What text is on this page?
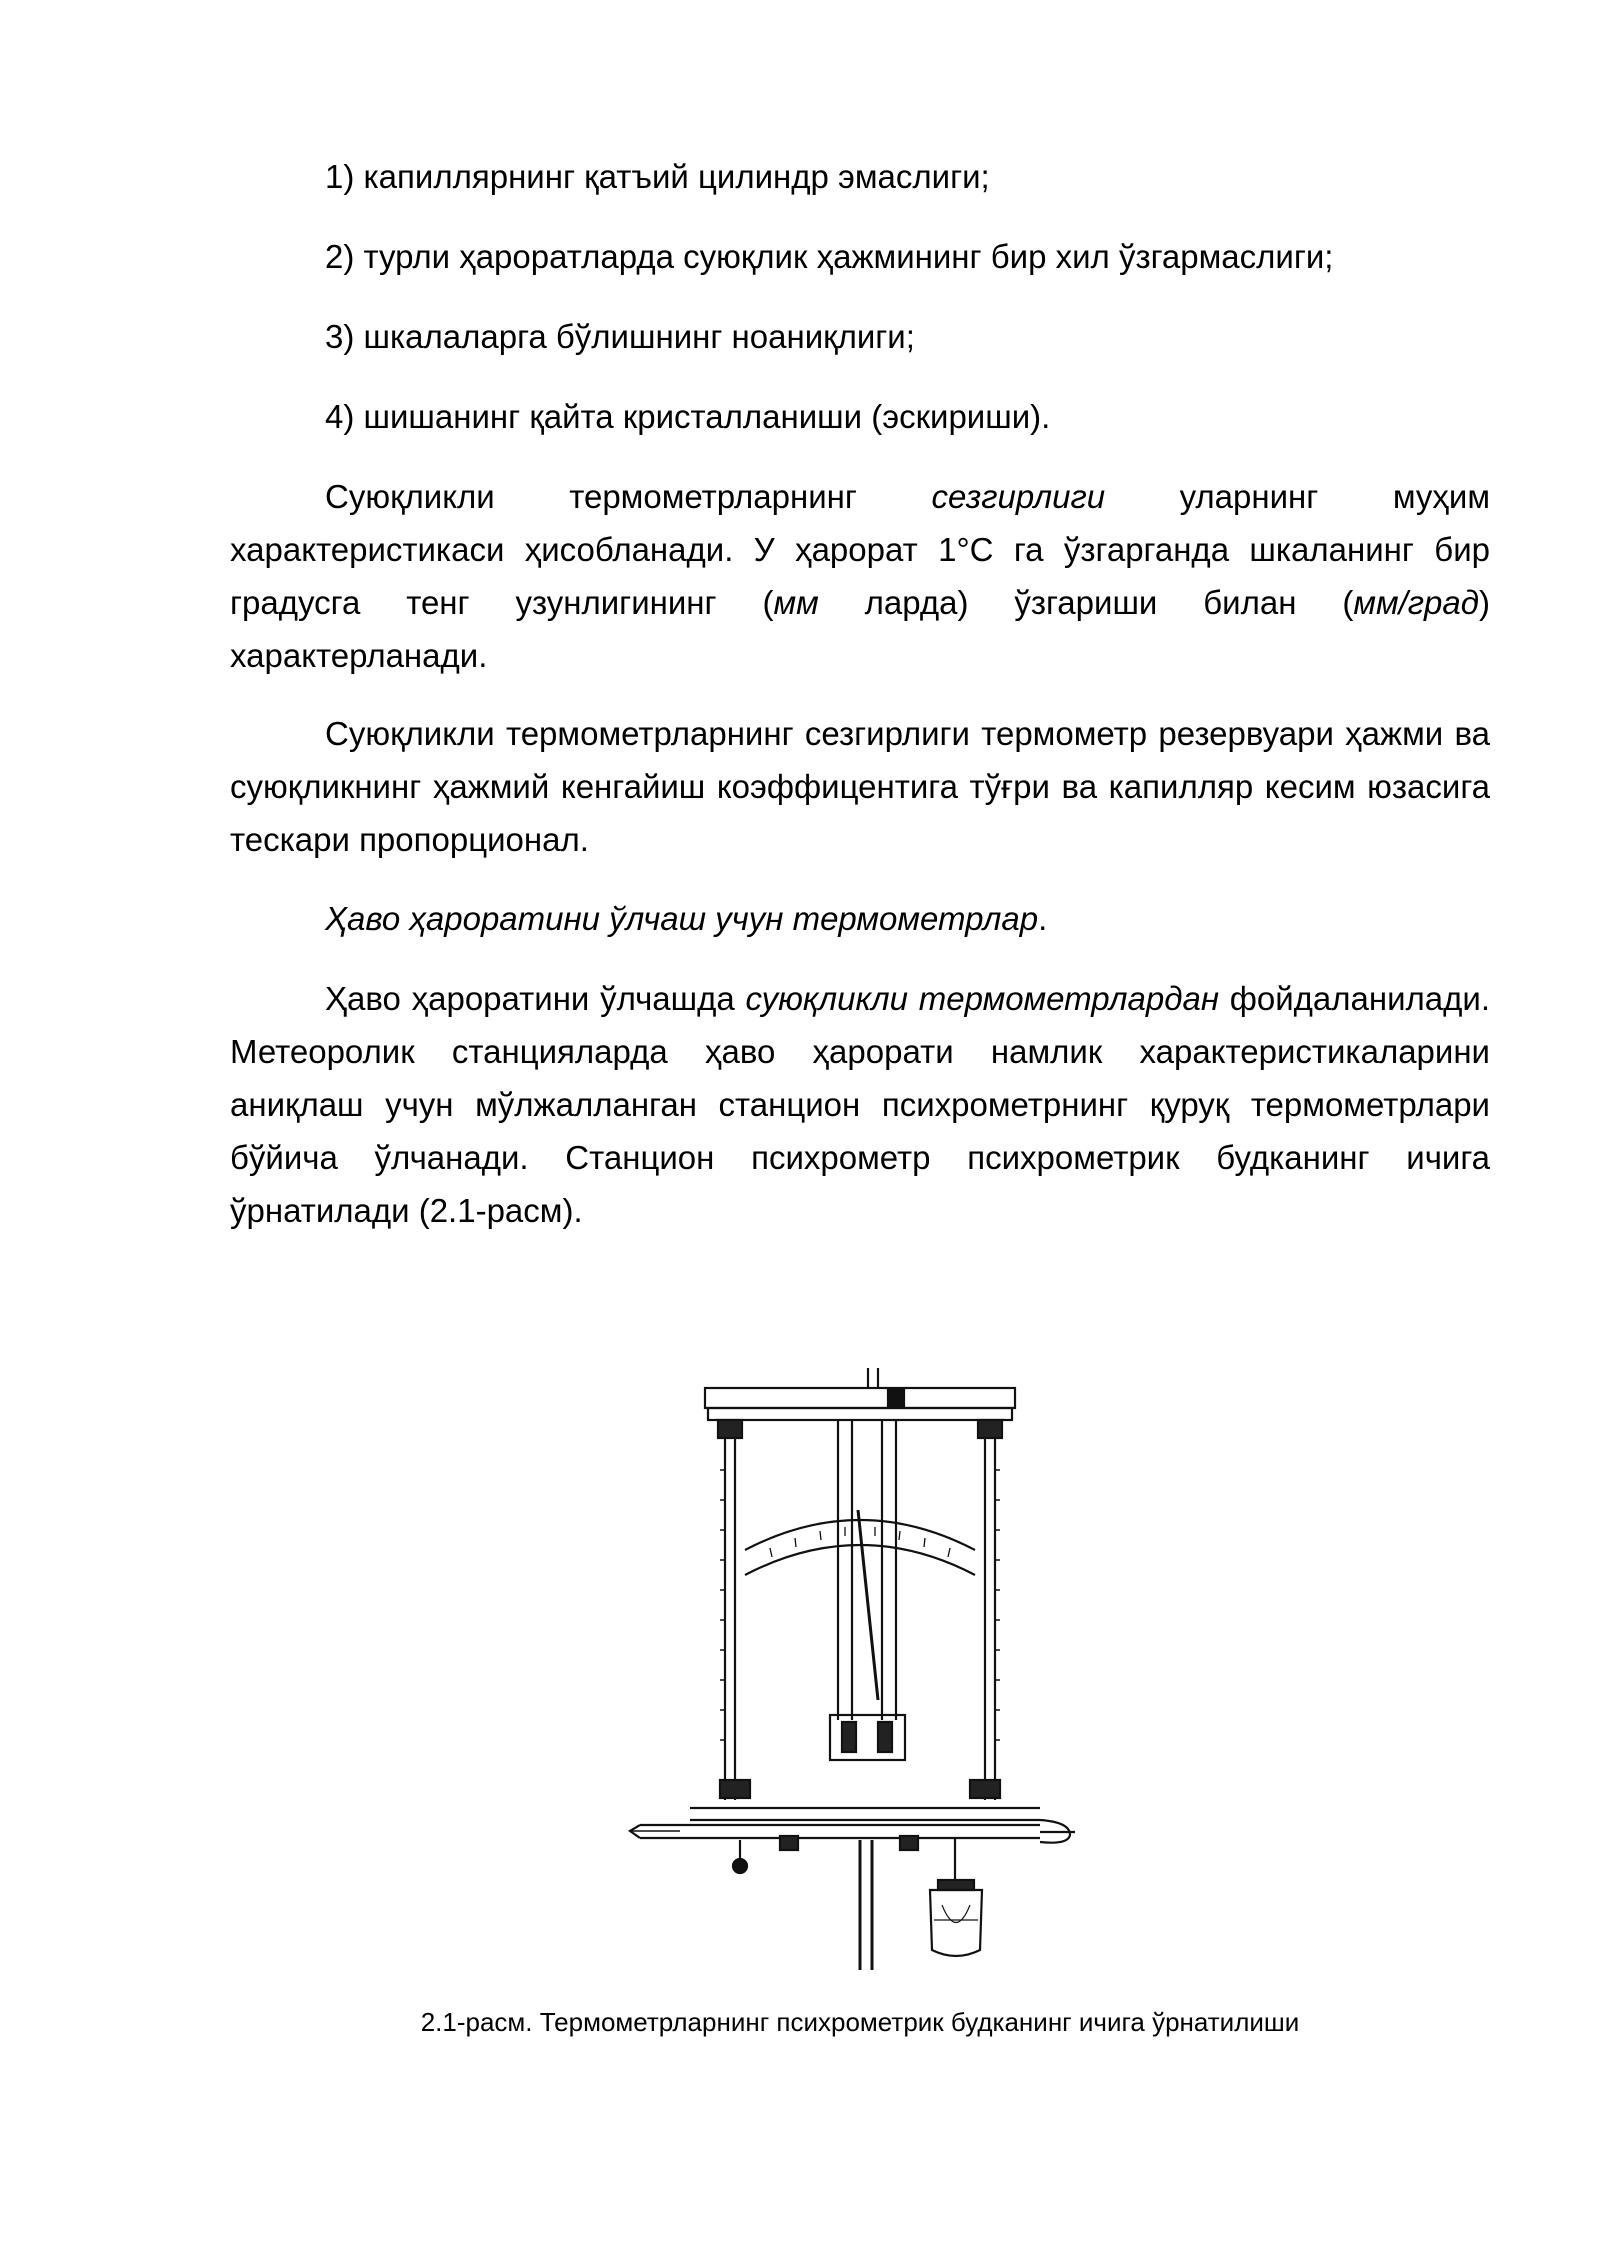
1) капиллярнинг қатъий цилиндр эмаслиги;

2) турли ҳароратларда суюқлик ҳажмининг бир хил ўзгармаслиги;

3) шкалаларга бўлишнинг ноаниқлиги;

4) шишанинг қайта кристалланиши (эскириши).

Суюқликли термометрларнинг сезгирлиги уларнинг муҳим характеристикаси ҳисобланади. У ҳарорат 1°С га ўзгарганда шкаланинг бир градусга тенг узунлигининг (мм ларда) ўзгариши билан (мм/град) характерланади.

Суюқликли термометрларнинг сезгирлиги термометр резервуари ҳажми ва суюқликнинг ҳажмий кенгайиш коэффицентига тўғри ва капилляр кесим юзасига тескари пропорционал.

Ҳаво ҳароратини ўлчаш учун термометрлар.

Ҳаво ҳароратини ўлчашда суюқликли термометрлардан фойдаланилади. Метеоролик станцияларда ҳаво ҳарорати намлик характеристикаларини аниқлаш учун мўлжалланган станцион психрометрнинг қуруқ термометрлари бўйича ўлчанади. Станцион психрометр психрометрик будканинг ичига ўрнатилади (2.1-расм).

2.1-расм. Термометрларнинг психрометрик будканинг ичига ўрнатилиши
